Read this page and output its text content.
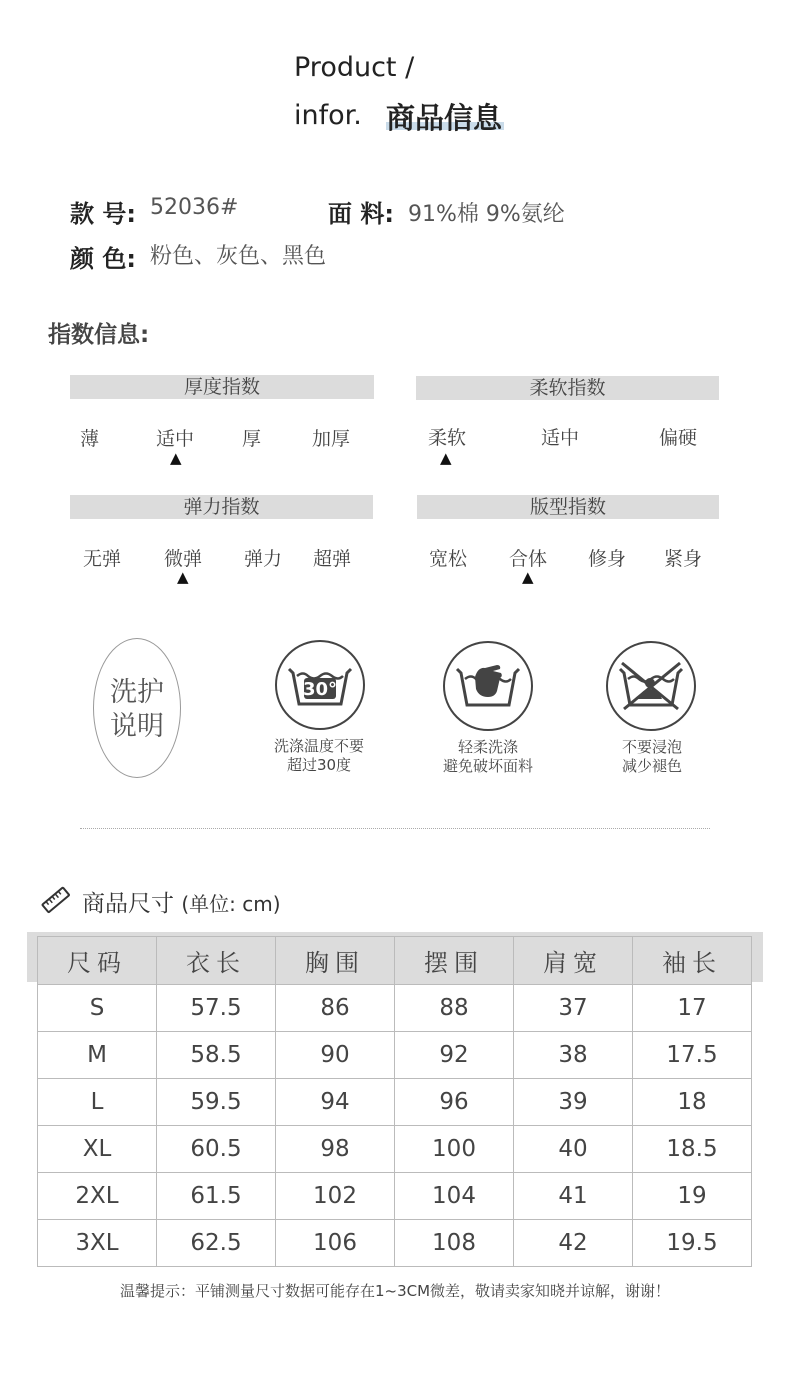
Product /
infor. 商品信息
款 号: 52036#	面 料: 91%棉 9%氨纶
颜 色: 粉色、灰色、黑色
指数信息:
厚度指数
薄	适中	厚	加厚
▲
柔软指数
柔软	适中	偏硬
▲
弹力指数
无弹 微弹 弹力 超弹
▲
版型指数
宽松 合体 修身 紧身
▲
洗护
说明
30°
洗涤温度不要
超过30度
轻柔洗涤
避免破坏面料
不要浸泡
减少褪色
商品尺寸 (单位: cm)
尺码	衣长	胸围	摆围	肩宽	袖长
S	57.5	86	88	37	17
M	58.5	90	92	38	17.5
L	59.5	94	96	39	18
XL	60.5	98	100	40	18.5
2XL	61.5	102	104	41	19
3XL	62.5	106	108	42	19.5
温馨提示：平铺测量尺寸数据可能存在1~3CM微差，敬请卖家知晓并谅解，谢谢！
